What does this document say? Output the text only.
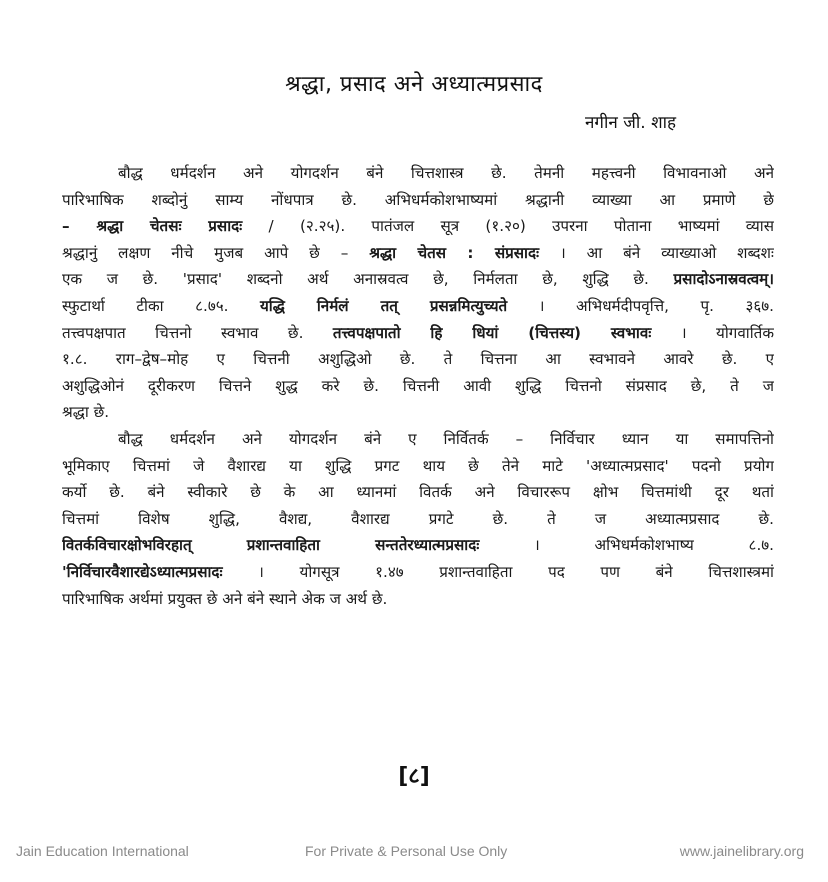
श्रद्धा, प्रसाद अने अध्यात्मप्रसाद
नगीन जी. शाह
बौद्ध धर्मदर्शन अने योगदर्शन बंने चित्तशास्त्र छे. तेमनी महत्त्वनी विभावनाओ अने
पारिभाषिक शब्दोनुं साम्य नोंधपात्र छे. अभिधर्मकोशभाष्यमां श्रद्धानी व्याख्या आ प्रमाणे छे
– श्रद्धा चेतसः प्रसादः / (२.२५). पातंजल सूत्र (१.२०) उपरना पोताना भाष्यमां व्यास
श्रद्धानुं लक्षण नीचे मुजब आपे छे – श्रद्धा चेतस : संप्रसादः । आ बंने व्याख्याओ शब्दशः
एक ज छे. 'प्रसाद' शब्दनो अर्थ अनास्रवत्व छे, निर्मलता छे, शुद्धि छे. प्रसादोऽनास्रवत्वम्।
स्फुटार्था टीका ८.७५. यद्धि निर्मलं तत् प्रसन्नमित्युच्यते । अभिधर्मदीपवृत्ति, पृ. ३६७.
तत्त्वपक्षपात चित्तनो स्वभाव छे. तत्त्वपक्षपातो हि धियां (चित्तस्य) स्वभावः । योगवार्तिक
१.८. राग–द्वेष–मोह ए चित्तनी अशुद्धिओ छे. ते चित्तना आ स्वभावने आवरे छे. ए
अशुद्धिओनं दूरीकरण चित्तने शुद्ध करे छे. चित्तनी आवी शुद्धि चित्तनो संप्रसाद छे, ते ज
श्रद्धा छे.
बौद्ध धर्मदर्शन अने योगदर्शन बंने ए निर्वितर्क – निर्विचार ध्यान या समापत्तिनो
भूमिकाए चित्तमां जे वैशारद्य या शुद्धि प्रगट थाय छे तेने माटे 'अध्यात्मप्रसाद' पदनो प्रयोग
कर्यो छे. बंने स्वीकारे छे के आ ध्यानमां वितर्क अने विचाररूप क्षोभ चित्तमांथी दूर थतां
चित्तमां विशेष शुद्धि, वैशद्य, वैशारद्य प्रगटे छे. ते ज अध्यात्मप्रसाद छे.
वितर्कविचारक्षोभविरहात् प्रशान्तवाहिता सन्ततेरध्यात्मप्रसादः । अभिधर्मकोशभाष्य ८.७.
'निर्विचारवैशारद्येऽध्यात्मप्रसादः । योगसूत्र १.४७ प्रशान्तवाहिता पद पण बंने चित्तशास्त्रमां
पारिभाषिक अर्थमां प्रयुक्त छे अने बंने स्थाने अेक ज अर्थ छे.
[८]
Jain Education International	For Private & Personal Use Only	www.jainelibrary.org
